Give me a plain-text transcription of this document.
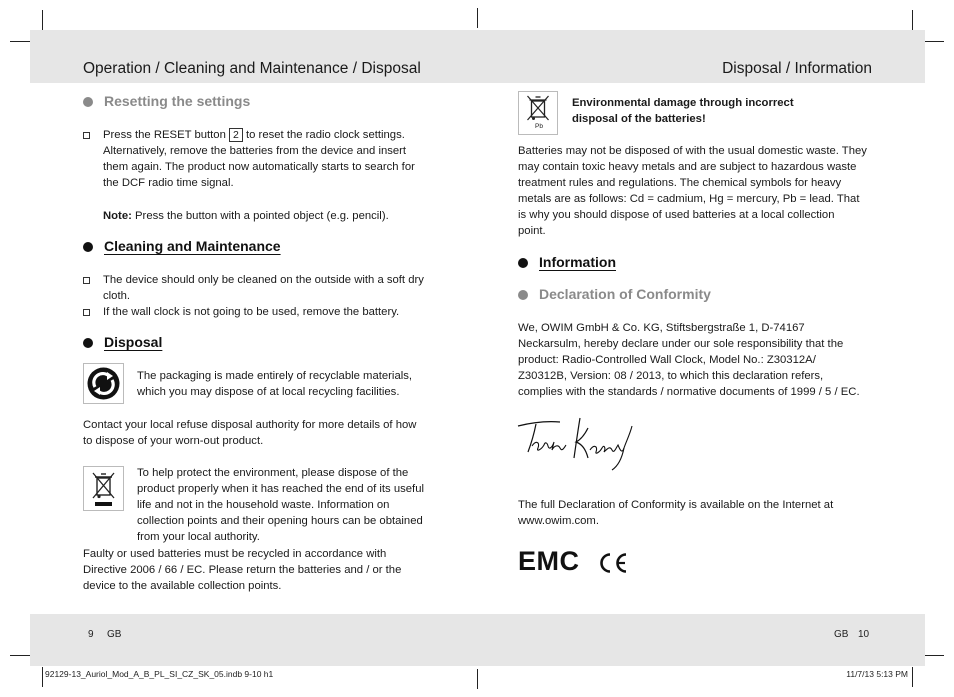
Operation / Cleaning and Maintenance / Disposal	Disposal / Information
Resetting the settings
Press the RESET button 2 to reset the radio clock settings.
Alternatively, remove the batteries from the device and insert
them again. The product now automatically starts to search for
the DCF radio time signal.
Note: Press the button with a pointed object (e.g. pencil).
Cleaning and Maintenance
The device should only be cleaned on the outside with a soft dry
cloth.
If the wall clock is not going to be used, remove the battery.
Disposal
The packaging is made entirely of recyclable materials,
which you may dispose of at local recycling facilities.
Contact your local refuse disposal authority for more details of how
to dispose of your worn-out product.
To help protect the environment, please dispose of the
product properly when it has reached the end of its useful
life and not in the household waste. Information on
collection points and their opening hours can be obtained
from your local authority.
Faulty or used batteries must be recycled in accordance with
Directive 2006 / 66 / EC. Please return the batteries and / or the
device to the available collection points.
Pb
Environmental damage through incorrect
disposal of the batteries!
Batteries may not be disposed of with the usual domestic waste. They
may contain toxic heavy metals and are subject to hazardous waste
treatment rules and regulations. The chemical symbols for heavy
metals are as follows: Cd = cadmium, Hg = mercury, Pb = lead. That
is why you should dispose of used batteries at a local collection
point.
Information
Declaration of Conformity
We, OWIM GmbH & Co. KG, Stiftsbergstraße 1, D-74167
Neckarsulm, hereby declare under our sole responsibility that the
product: Radio-Controlled Wall Clock, Model No.: Z30312A/
Z30312B, Version: 08 / 2013, to which this declaration refers,
complies with the standards / normative documents of 1999 / 5 / EC.
The full Declaration of Conformity is available on the Internet at
www.owim.com.
EMC
9 GB	GB 10
92129-13_Auriol_Mod_A_B_PL_SI_CZ_SK_05.indb 9-10 h1	11/7/13 5:13 PM
